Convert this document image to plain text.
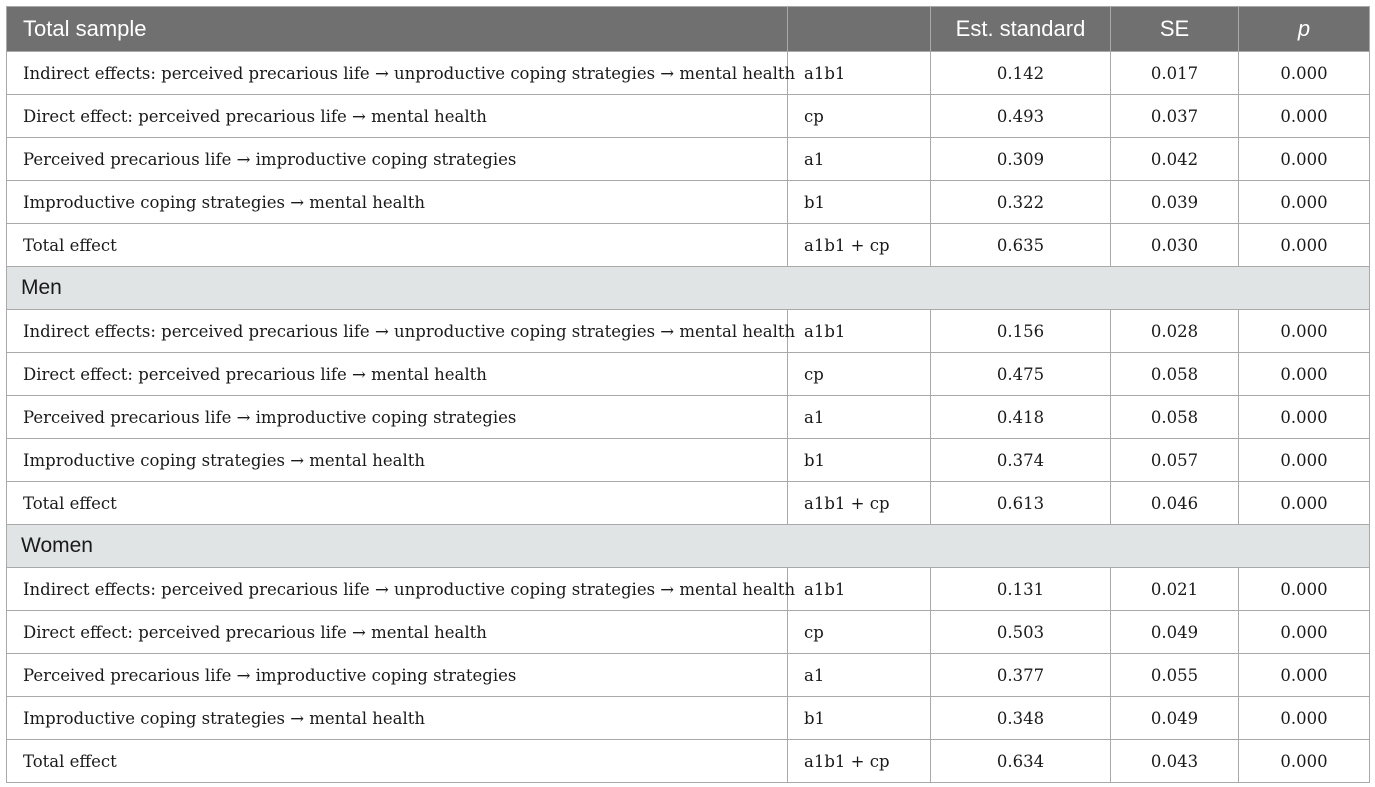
Total sample		Est. standard	SE	p
Indirect effects: perceived precarious life → unproductive coping strategies → mental health	a1b1	0.142	0.017	0.000
Direct effect: perceived precarious life → mental health	cp	0.493	0.037	0.000
Perceived precarious life → improductive coping strategies	a1	0.309	0.042	0.000
Improductive coping strategies → mental health	b1	0.322	0.039	0.000
Total effect	a1b1 + cp	0.635	0.030	0.000
Men				
Indirect effects: perceived precarious life → unproductive coping strategies → mental health	a1b1	0.156	0.028	0.000
Direct effect: perceived precarious life → mental health	cp	0.475	0.058	0.000
Perceived precarious life → improductive coping strategies	a1	0.418	0.058	0.000
Improductive coping strategies → mental health	b1	0.374	0.057	0.000
Total effect	a1b1 + cp	0.613	0.046	0.000
Women				
Indirect effects: perceived precarious life → unproductive coping strategies → mental health	a1b1	0.131	0.021	0.000
Direct effect: perceived precarious life → mental health	cp	0.503	0.049	0.000
Perceived precarious life → improductive coping strategies	a1	0.377	0.055	0.000
Improductive coping strategies → mental health	b1	0.348	0.049	0.000
Total effect	a1b1 + cp	0.634	0.043	0.000
